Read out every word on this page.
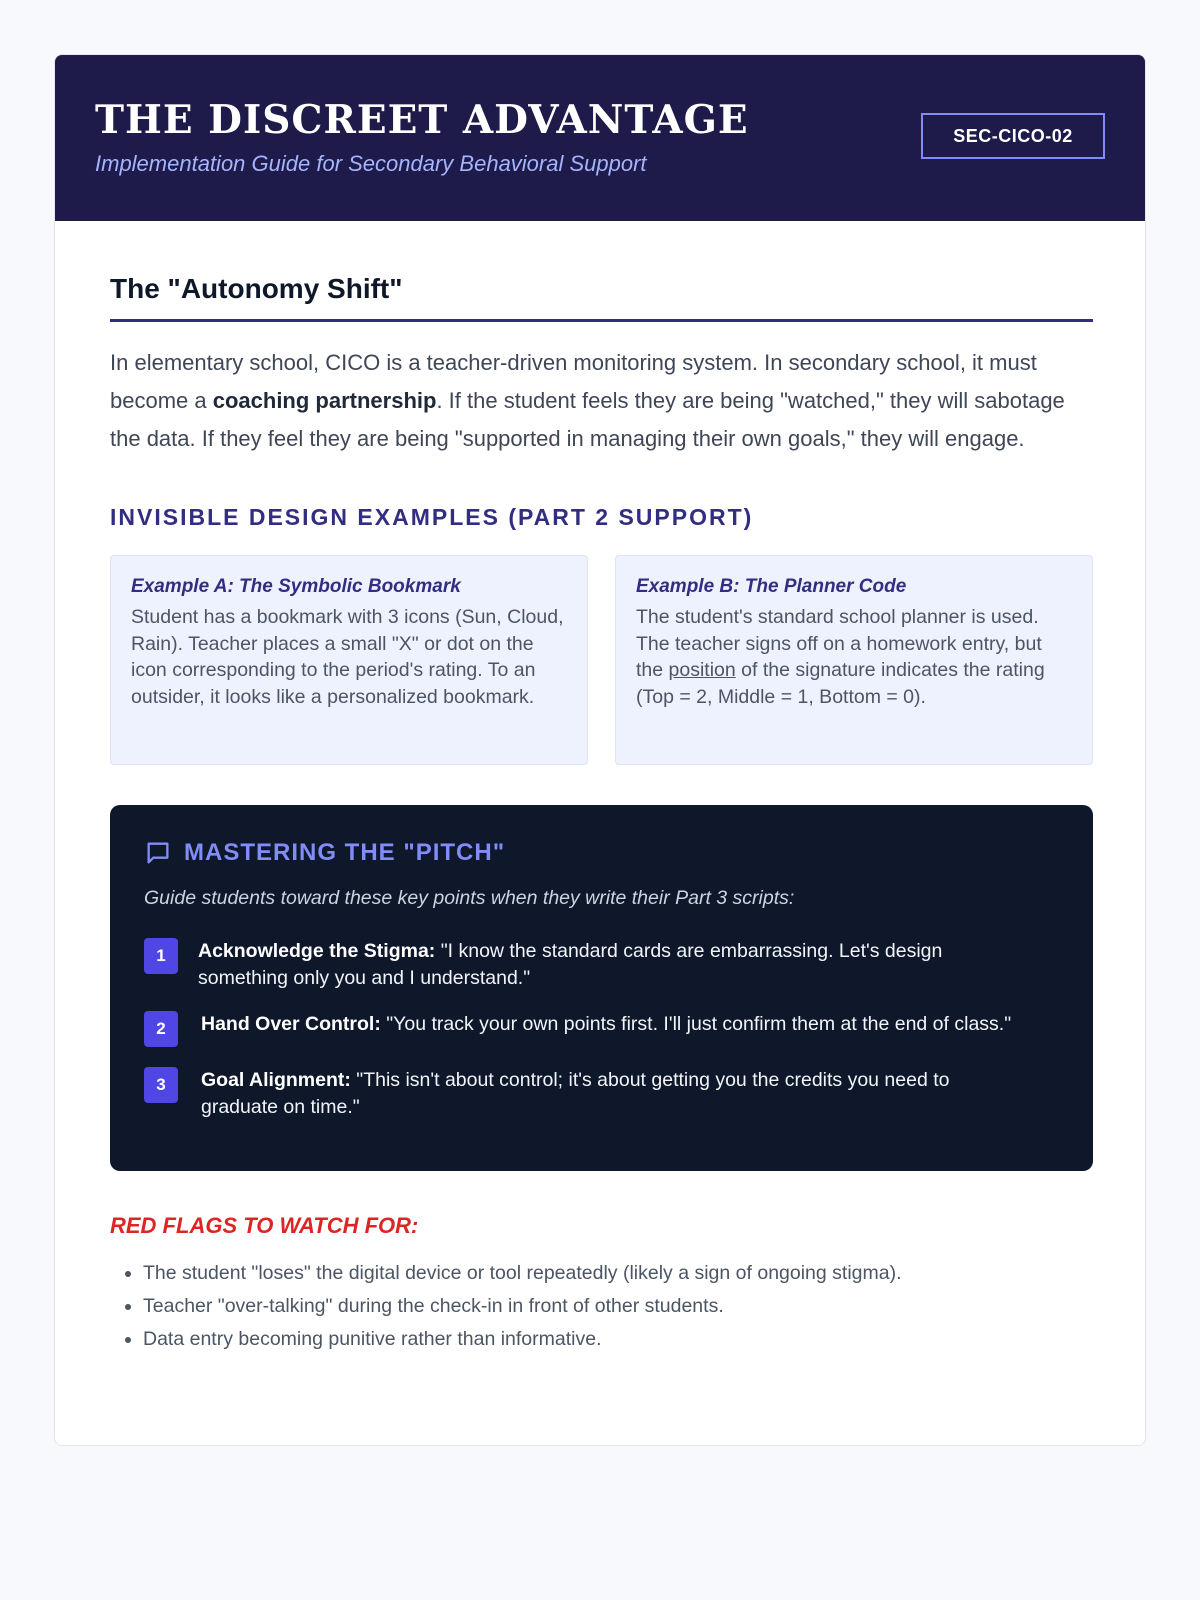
THE DISCREET ADVANTAGE
Implementation Guide for Secondary Behavioral Support
SEC-CICO-02
The "Autonomy Shift"

In elementary school, CICO is a teacher-driven monitoring system. In secondary school, it must become a coaching partnership. If the student feels they are being "watched," they will sabotage the data. If they feel they are being "supported in managing their own goals," they will engage.

INVISIBLE DESIGN EXAMPLES (PART 2 SUPPORT)
Example A: The Symbolic Bookmark
Student has a bookmark with 3 icons (Sun, Cloud, Rain). Teacher places a small "X" or dot on the icon corresponding to the period's rating. To an outsider, it looks like a personalized bookmark.
Example B: The Planner Code
The student's standard school planner is used. The teacher signs off on a homework entry, but the position of the signature indicates the rating (Top = 2, Middle = 1, Bottom = 0).
MASTERING THE "PITCH"
Guide students toward these key points when they write their Part 3 scripts:
1	Acknowledge the Stigma: "I know the standard cards are embarrassing. Let's design something only you and I understand."
2	Hand Over Control: "You track your own points first. I'll just confirm them at the end of class."
3	Goal Alignment: "This isn't about control; it's about getting you the credits you need to graduate on time."
RED FLAGS TO WATCH FOR:
• The student "loses" the digital device or tool repeatedly (likely a sign of ongoing stigma).
• Teacher "over-talking" during the check-in in front of other students.
• Data entry becoming punitive rather than informative.
